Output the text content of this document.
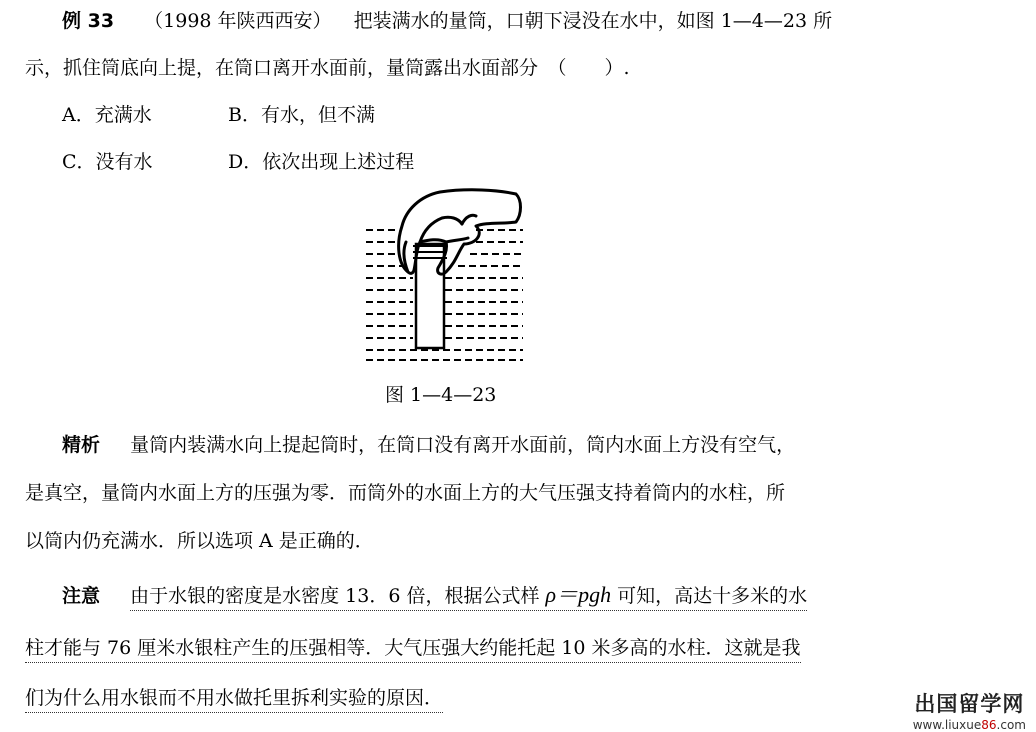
例 33 （1998 年陕西西安） 把装满水的量筒，口朝下浸没在水中，如图 1—4—23 所
示，抓住筒底向上提，在筒口离开水面前，量筒露出水面部分　（　　）.
A．充满水	B．有水，但不满
C．没有水	D．依次出现上述过程
图 1—4—23
精析 量筒内装满水向上提起筒时，在筒口没有离开水面前，筒内水面上方没有空气，
是真空，量筒内水面上方的压强为零．而筒外的水面上方的大气压强支持着筒内的水柱，所
以筒内仍充满水．所以选项 A 是正确的．
注意 由于水银的密度是水密度 13．6 倍，根据公式样 ρ＝pgh 可知，高达十多米的水
柱才能与 76 厘米水银柱产生的压强相等．大气压强大约能托起 10 米多高的水柱．这就是我
们为什么用水银而不用水做托里拆利实验的原因．	出国留学网
www.liuxue86.com
